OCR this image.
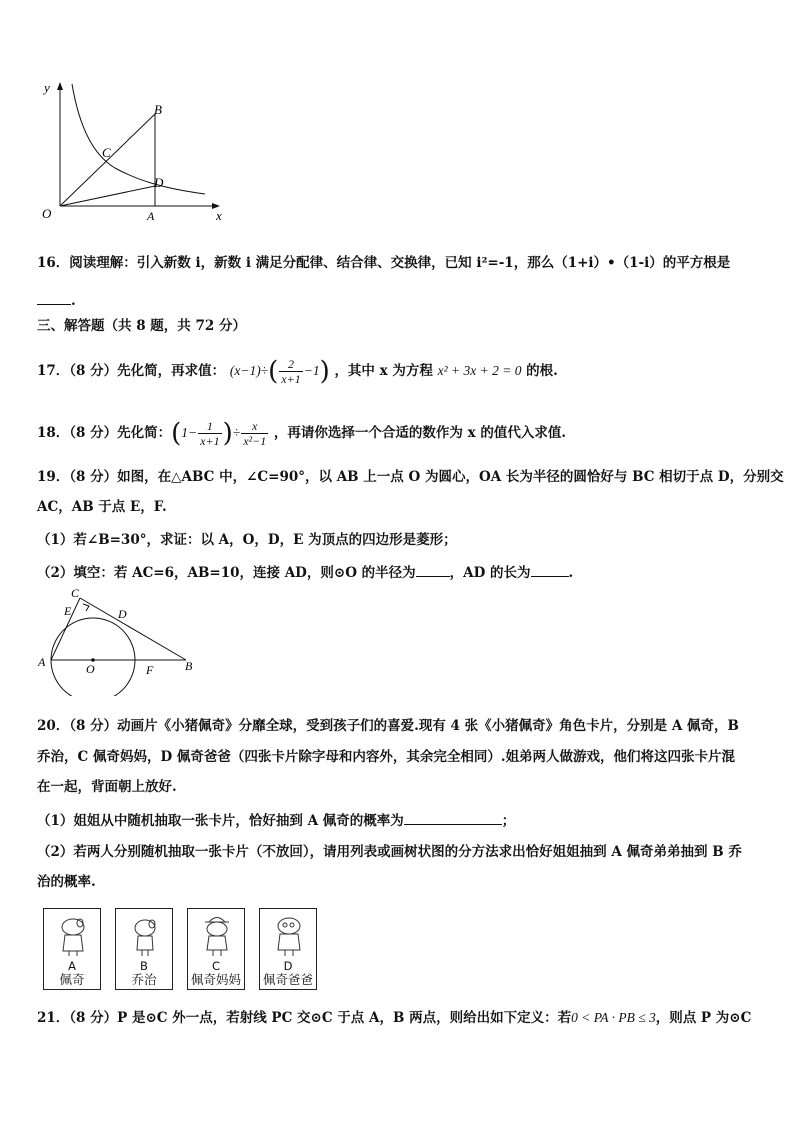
y
x
O	A
B
C
D
16．阅读理解：引入新数 i，新数 i 满足分配律、结合律、交换律，已知 i²=-1，那么（1+i）•（1-i）的平方根是
.
三、解答题（共 8 题，共 72 分）
17．（8 分）先化简，再求值： $(x-1)\div( \frac{2}{x+1} -1)$ ，其中 x 为方程 x² + 3x + 2 = 0 的根.
18．（8 分）先化简：($1- \frac{1}{x+1}$ )÷ $\frac{x}{\text{x²−1}}$ ，再请你选择一个合适的数作为 x 的值代入求值.
19．（8 分）如图，在△ABC 中，∠C=90°，以 AB 上一点 O 为圆心，OA 长为半径的圆恰好与 BC 相切于点 D，分别交
AC，AB 于点 E，F.
（1）若∠B=30°，求证：以 A，O，D，E 为顶点的四边形是菱形；
（2）填空：若 AC=6，AB=10，连接 AD，则⊙O 的半径为	，AD 的长为	.
C
E	D
A	O	F	B
20．（8 分）动画片《小猪佩奇》分靡全球，受到孩子们的喜爱.现有 4 张《小猪佩奇》角色卡片，分别是 A 佩奇，B
乔治，C 佩奇妈妈，D 佩奇爸爸（四张卡片除字母和内容外，其余完全相同）.姐弟两人做游戏，他们将这四张卡片混
在一起，背面朝上放好.
（1）姐姐从中随机抽取一张卡片，恰好抽到 A 佩奇的概率为	；
（2）若两人分别随机抽取一张卡片（不放回），请用列表或画树状图的分方法求出恰好姐姐抽到 A 佩奇弟弟抽到 B 乔
治的概率.
A
佩奇
B
乔治
C
佩奇妈妈
D
佩奇爸爸
21．（8 分）P 是⊙C 外一点，若射线 PC 交⊙C 于点 A，B 两点，则给出如下定义：若0 < PA · PB ≤ 3，则点 P 为⊙C
